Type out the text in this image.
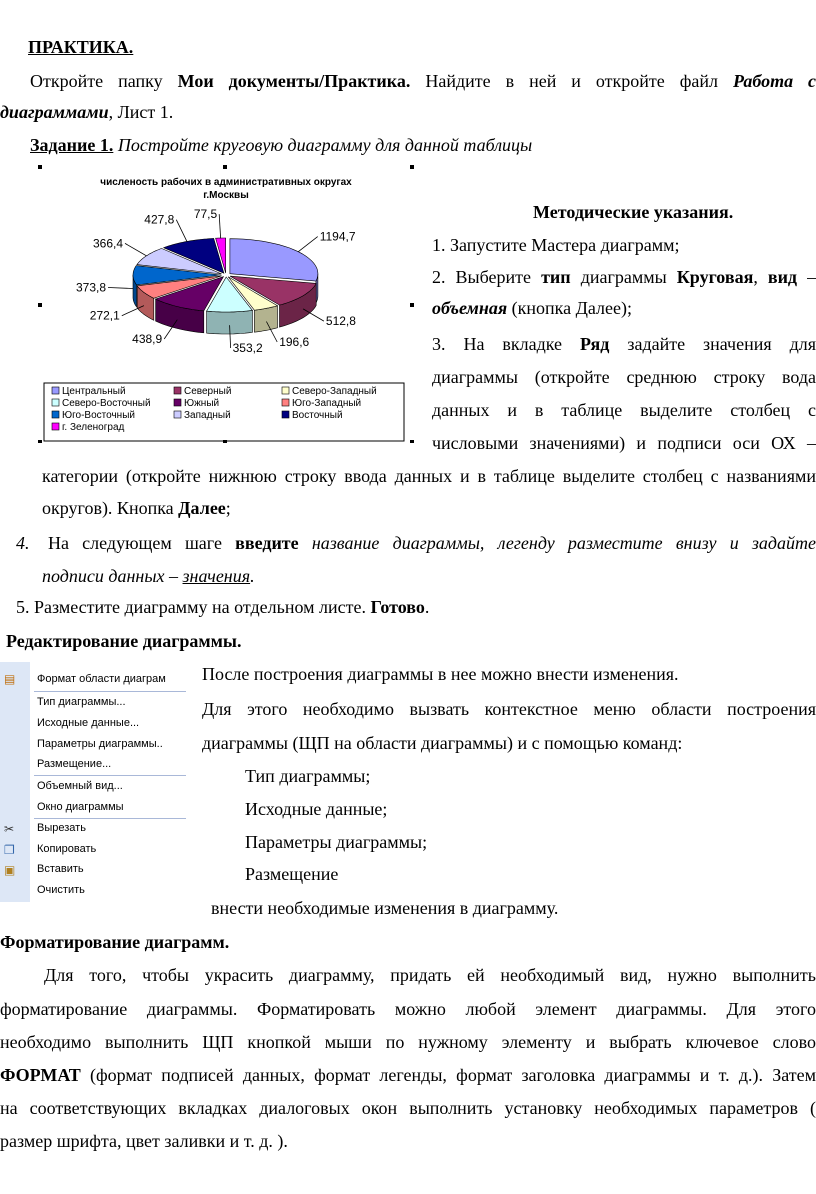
ПРАКТИКА.
Откройте папку Мои документы/Практика. Найдите в ней и откройте файл Работа с
диаграммами, Лист 1.
Задание 1. Постройте круговую диаграмму для данной таблицы
численость рабочих в административных округах
г.Москвы
1194,7
512,8
196,6
353,2
438,9
272,1
373,8
366,4
427,8 77,5
Центральный	Северный	Северо-Западный
Северо-Восточный	Южный	Юго-Западный
Юго-Восточный	Западный	Восточный
г. Зеленоград
Методические указания.
1. Запустите Мастера диаграмм;
2. Выберите тип диаграммы Круговая, вид –
объемная (кнопка Далее);
3. На вкладке Ряд задайте значения для
диаграммы (откройте среднюю строку вода
данных и в таблице выделите столбец с
числовыми значениями) и подписи оси ОХ –
категории (откройте нижнюю строку ввода данных и в таблице выделите столбец с названиями
округов). Кнопка Далее;
4. На следующем шаге введите название диаграммы, легенду разместите внизу и задайте
подписи данных – значения.
5. Разместите диаграмму на отдельном листе. Готово.
Редактирование диаграммы.
▤	Формат области диаграм
Тип диаграммы...
Исходные данные...
Параметры диаграммы..
Размещение...
Объемный вид...
Окно диаграммы
✂	Вырезать
❐	Копировать
▣	Вставить
Очистить
После построения диаграммы в нее можно внести изменения.
Для этого необходимо вызвать контекстное меню области построения
диаграммы (ЩП на области диаграммы) и с помощью команд:
Тип диаграммы;
Исходные данные;
Параметры диаграммы;
Размещение
внести необходимые изменения в диаграмму.
Форматирование диаграмм.
Для того, чтобы украсить диаграмму, придать ей необходимый вид, нужно выполнить
форматирование диаграммы. Форматировать можно любой элемент диаграммы. Для этого
необходимо выполнить ЩП кнопкой мыши по нужному элементу и выбрать ключевое слово
ФОРМАТ (формат подписей данных, формат легенды, формат заголовка диаграммы и т. д.). Затем
на соответствующих вкладках диалоговых окон выполнить установку необходимых параметров (
размер шрифта, цвет заливки и т. д. ).
